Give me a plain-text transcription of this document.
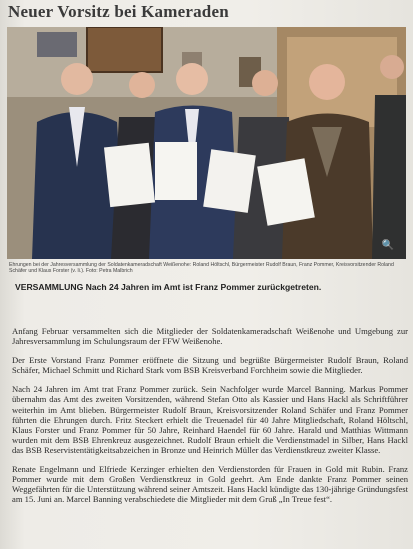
Neuer Vorsitz bei Kameraden
🔍
Ehrungen bei der Jahresversammlung der Soldatenkameradschaft Weißenohe: Roland Höltschl, Bürgermeister Rudolf Braun, Franz Pommer, Kreisvorsitzender Roland Schäfer und Klaus Forster (v. li.). Foto: Petra Malbrich
VERSAMMLUNG Nach 24 Jahren im Amt ist Franz Pommer zurückgetreten.

Anfang Februar versammelten sich die Mitglieder der Soldatenkameradschaft Weißenohe und Umgebung zur Jahresversammlung im Schulungsraum der FFW Weißenohe.

Der Erste Vorstand Franz Pommer eröffnete die Sitzung und begrüßte Bürgermeister Rudolf Braun, Roland Schäfer, Michael Schmitt und Richard Stark vom BSB Kreisverband Forchheim sowie die Mitglieder.

Nach 24 Jahren im Amt trat Franz Pommer zurück. Sein Nachfolger wurde Marcel Banning. Markus Pommer übernahm das Amt des zweiten Vorsitzenden, während Stefan Otto als Kassier und Hans Hackl als Schriftführer weiterhin im Amt blieben. Bürgermeister Rudolf Braun, Kreisvorsitzender Roland Schäfer und Franz Pommer führten die Ehrungen durch. Fritz Steckert erhielt die Treuenadel für 40 Jahre Mitgliedschaft, Roland Höltschl, Klaus Forster und Franz Pommer für 50 Jahre, Reinhard Haendel für 60 Jahre. Harald und Matthias Wittmann wurden mit dem BSB Ehrenkreuz ausgezeichnet. Rudolf Braun erhielt die Verdienstmadel in Silber, Hans Hackl das BSB Reservistentätigkeitsabzeichen in Bronze und Heinrich Müller das Verdienstkreuz zweiter Klasse.

Renate Engelmann und Elfriede Kerzinger erhielten den Verdienstorden für Frauen in Gold mit Rubin. Franz Pommer wurde mit dem Großen Verdienstkreuz in Gold geehrt. Am Ende dankte Franz Pommer seinen Weggefährten für die Unterstützung während seiner Amtszeit. Hans Hackl kündigte das 130-jährige Gründungsfest am 15. Juni an. Marcel Banning verabschiedete die Mitglieder mit dem Gruß „In Treue fest“.
